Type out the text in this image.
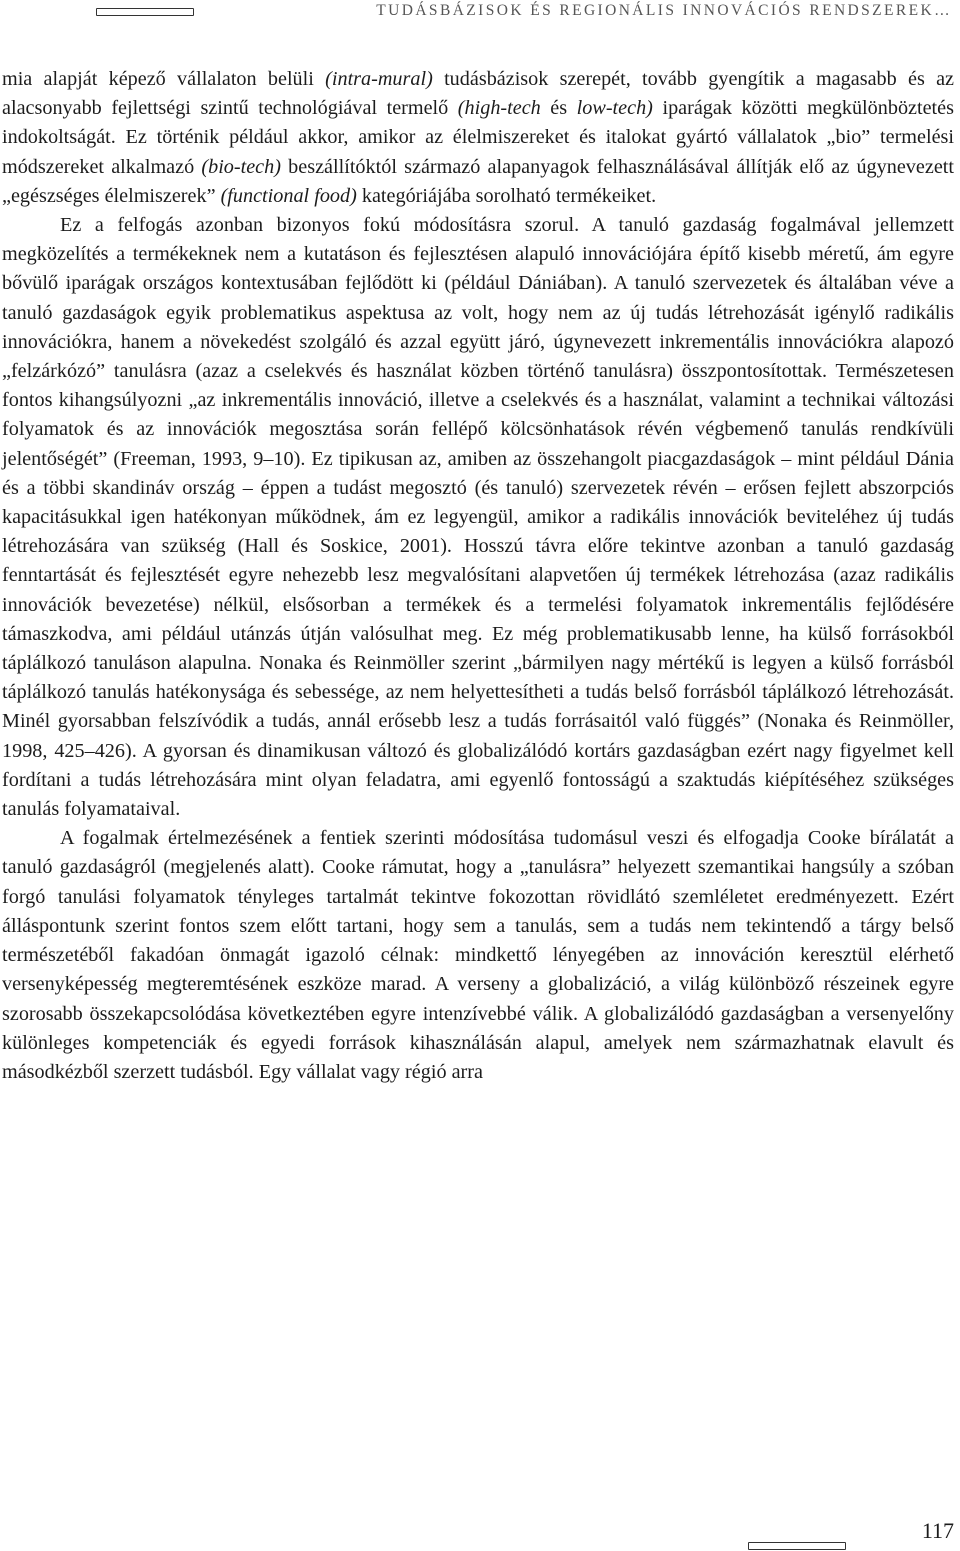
TUDÁSBÁZISOK ÉS REGIONÁLIS INNOVÁCIÓS RENDSZEREK…

mia alapját képező vállalaton belüli (intra-mural) tudásbázisok szerepét, tovább gyengítik a magasabb és az alacsonyabb fejlettségi szintű technológiával termelő (high-tech és low-tech) iparágak közötti megkülönböztetés indokoltságát. Ez történik például akkor, amikor az élelmiszereket és italokat gyártó vállalatok „bio” termelési módszereket alkalmazó (bio-tech) beszállítóktól származó alapanyagok felhasználásával állítják elő az úgynevezett „egészséges élelmiszerek” (functional food) kategóriájába sorolható termékeiket.

Ez a felfogás azonban bizonyos fokú módosításra szorul. A tanuló gazdaság fogalmával jellemzett megközelítés a termékeknek nem a kutatáson és fejlesztésen alapuló innovációjára építő kisebb méretű, ám egyre bővülő iparágak országos kontextusában fejlődött ki (például Dániában). A tanuló szervezetek és általában véve a tanuló gazdaságok egyik problematikus aspektusa az volt, hogy nem az új tudás létrehozását igénylő radikális innovációkra, hanem a növekedést szolgáló és azzal együtt járó, úgynevezett inkrementális innovációkra alapozó „felzárkózó” tanulásra (azaz a cselekvés és használat közben történő tanulásra) összpontosítottak. Természetesen fontos kihangsúlyozni „az inkrementális innováció, illetve a cselekvés és a használat, valamint a technikai változási folyamatok és az innovációk megosztása során fellépő kölcsönhatások révén végbemenő tanulás rendkívüli jelentőségét” (Freeman, 1993, 9–10). Ez tipikusan az, amiben az összehangolt piacgazdaságok – mint például Dánia és a többi skandináv ország – éppen a tudást megosztó (és tanuló) szervezetek révén – erősen fejlett abszorpciós kapacitásukkal igen hatékonyan működnek, ám ez legyengül, amikor a radikális innovációk beviteléhez új tudás létrehozására van szükség (Hall és Soskice, 2001). Hosszú távra előre tekintve azonban a tanuló gazdaság fenntartását és fejlesztését egyre nehezebb lesz megvalósítani alapvetően új termékek létrehozása (azaz radikális innovációk bevezetése) nélkül, elsősorban a termékek és a termelési folyamatok inkrementális fejlődésére támaszkodva, ami például utánzás útján valósulhat meg. Ez még problematikusabb lenne, ha külső forrásokból táplálkozó tanuláson alapulna. Nonaka és Reinmöller szerint „bármilyen nagy mértékű is legyen a külső forrásból táplálkozó tanulás hatékonysága és sebessége, az nem helyettesítheti a tudás belső forrásból táplálkozó létrehozását. Minél gyorsabban felszívódik a tudás, annál erősebb lesz a tudás forrásaitól való függés” (Nonaka és Reinmöller, 1998, 425–426). A gyorsan és dinamikusan változó és globalizálódó kortárs gazdaságban ezért nagy figyelmet kell fordítani a tudás létrehozására mint olyan feladatra, ami egyenlő fontosságú a szaktudás kiépítéséhez szükséges tanulás folyamataival.

A fogalmak értelmezésének a fentiek szerinti módosítása tudomásul veszi és elfogadja Cooke bírálatát a tanuló gazdaságról (megjelenés alatt). Cooke rámutat, hogy a „tanulásra” helyezett szemantikai hangsúly a szóban forgó tanulási folyamatok tényleges tartalmát tekintve fokozottan rövidlátó szemléletet eredményezett. Ezért álláspontunk szerint fontos szem előtt tartani, hogy sem a tanulás, sem a tudás nem tekintendő a tárgy belső természetéből fakadóan önmagát igazoló célnak: mindkettő lényegében az innováción keresztül elérhető versenyképesség megteremtésének eszköze marad. A verseny a globalizáció, a világ különböző részeinek egyre szorosabb összekapcsolódása következtében egyre intenzívebbé válik. A globalizálódó gazdaságban a versenyelőny különleges kompetenciák és egyedi források kihasználásán alapul, amelyek nem származhatnak elavult és másodkézből szerzett tudásból. Egy vállalat vagy régió arra

117
